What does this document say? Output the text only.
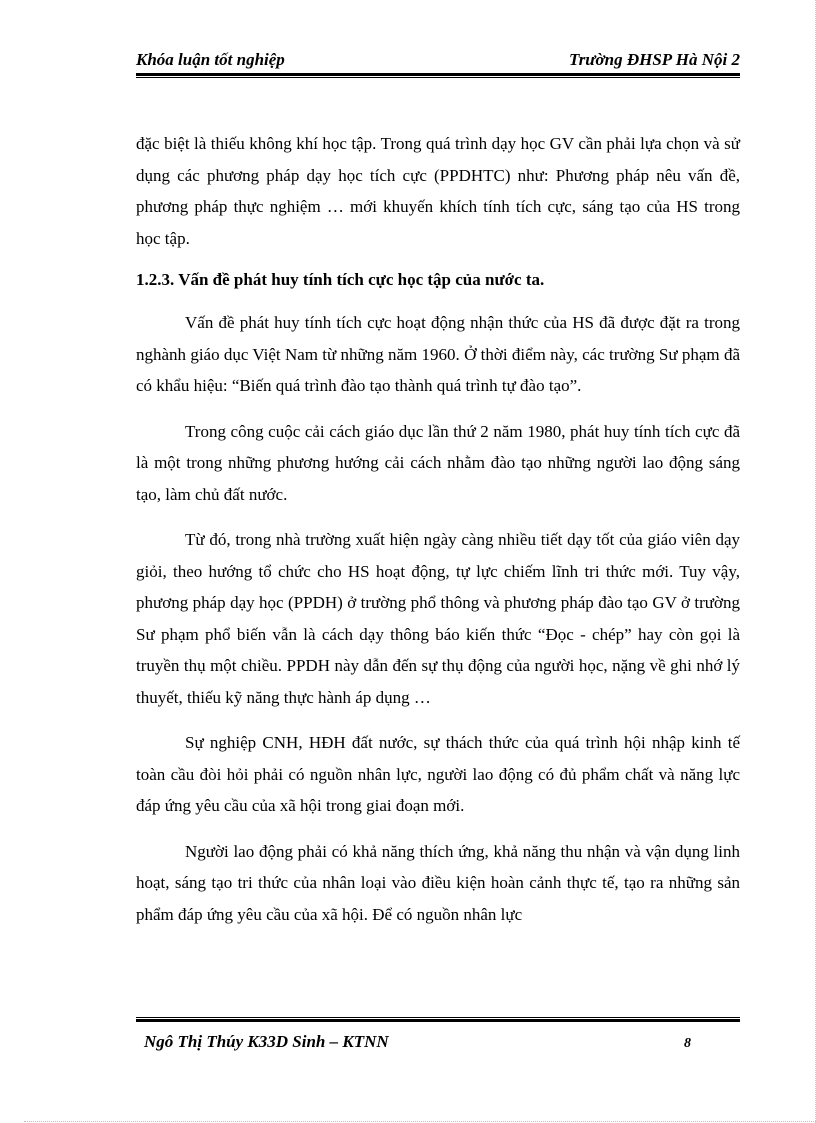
Khóa luận tốt nghiệp	Trường ĐHSP Hà Nội 2

đặc biệt là thiếu không khí học tập. Trong quá trình dạy học GV cần phải lựa chọn và sử dụng các phương pháp dạy học tích cực (PPDHTC) như: Phương pháp nêu vấn đề, phương pháp thực nghiệm … mới khuyến khích tính tích cực, sáng tạo của HS trong học tập.

1.2.3. Vấn đề phát huy tính tích cực học tập của nước ta.

Vấn đề phát huy tính tích cực hoạt động nhận thức của HS đã được đặt ra trong nghành giáo dục Việt Nam từ những năm 1960. Ở thời điểm này, các trường Sư phạm đã có khẩu hiệu: “Biến quá trình đào tạo thành quá trình tự đào tạo”.

Trong công cuộc cải cách giáo dục lần thứ 2 năm 1980, phát huy tính tích cực đã là một trong những phương hướng cải cách nhằm đào tạo những người lao động sáng tạo, làm chủ đất nước.

Từ đó, trong nhà trường xuất hiện ngày càng nhiều tiết dạy tốt của giáo viên dạy giỏi, theo hướng tổ chức cho HS hoạt động, tự lực chiếm lĩnh tri thức mới. Tuy vậy, phương pháp dạy học (PPDH) ở trường phổ thông và phương pháp đào tạo GV ở trường Sư phạm phổ biến vẫn là cách dạy thông báo kiến thức “Đọc - chép” hay còn gọi là truyền thụ một chiều. PPDH này dẫn đến sự thụ động của người học, nặng về ghi nhớ lý thuyết, thiếu kỹ năng thực hành áp dụng …

Sự nghiệp CNH, HĐH đất nước, sự thách thức của quá trình hội nhập kinh tế toàn cầu đòi hỏi phải có nguồn nhân lực, người lao động có đủ phẩm chất và năng lực đáp ứng yêu cầu của xã hội trong giai đoạn mới.

Người lao động phải có khả năng thích ứng, khả năng thu nhận và vận dụng linh hoạt, sáng tạo tri thức của nhân loại vào điều kiện hoàn cảnh thực tế, tạo ra những sản phẩm đáp ứng yêu cầu của xã hội. Để có nguồn nhân lực

Ngô Thị Thúy K33D Sinh – KTNN	8
